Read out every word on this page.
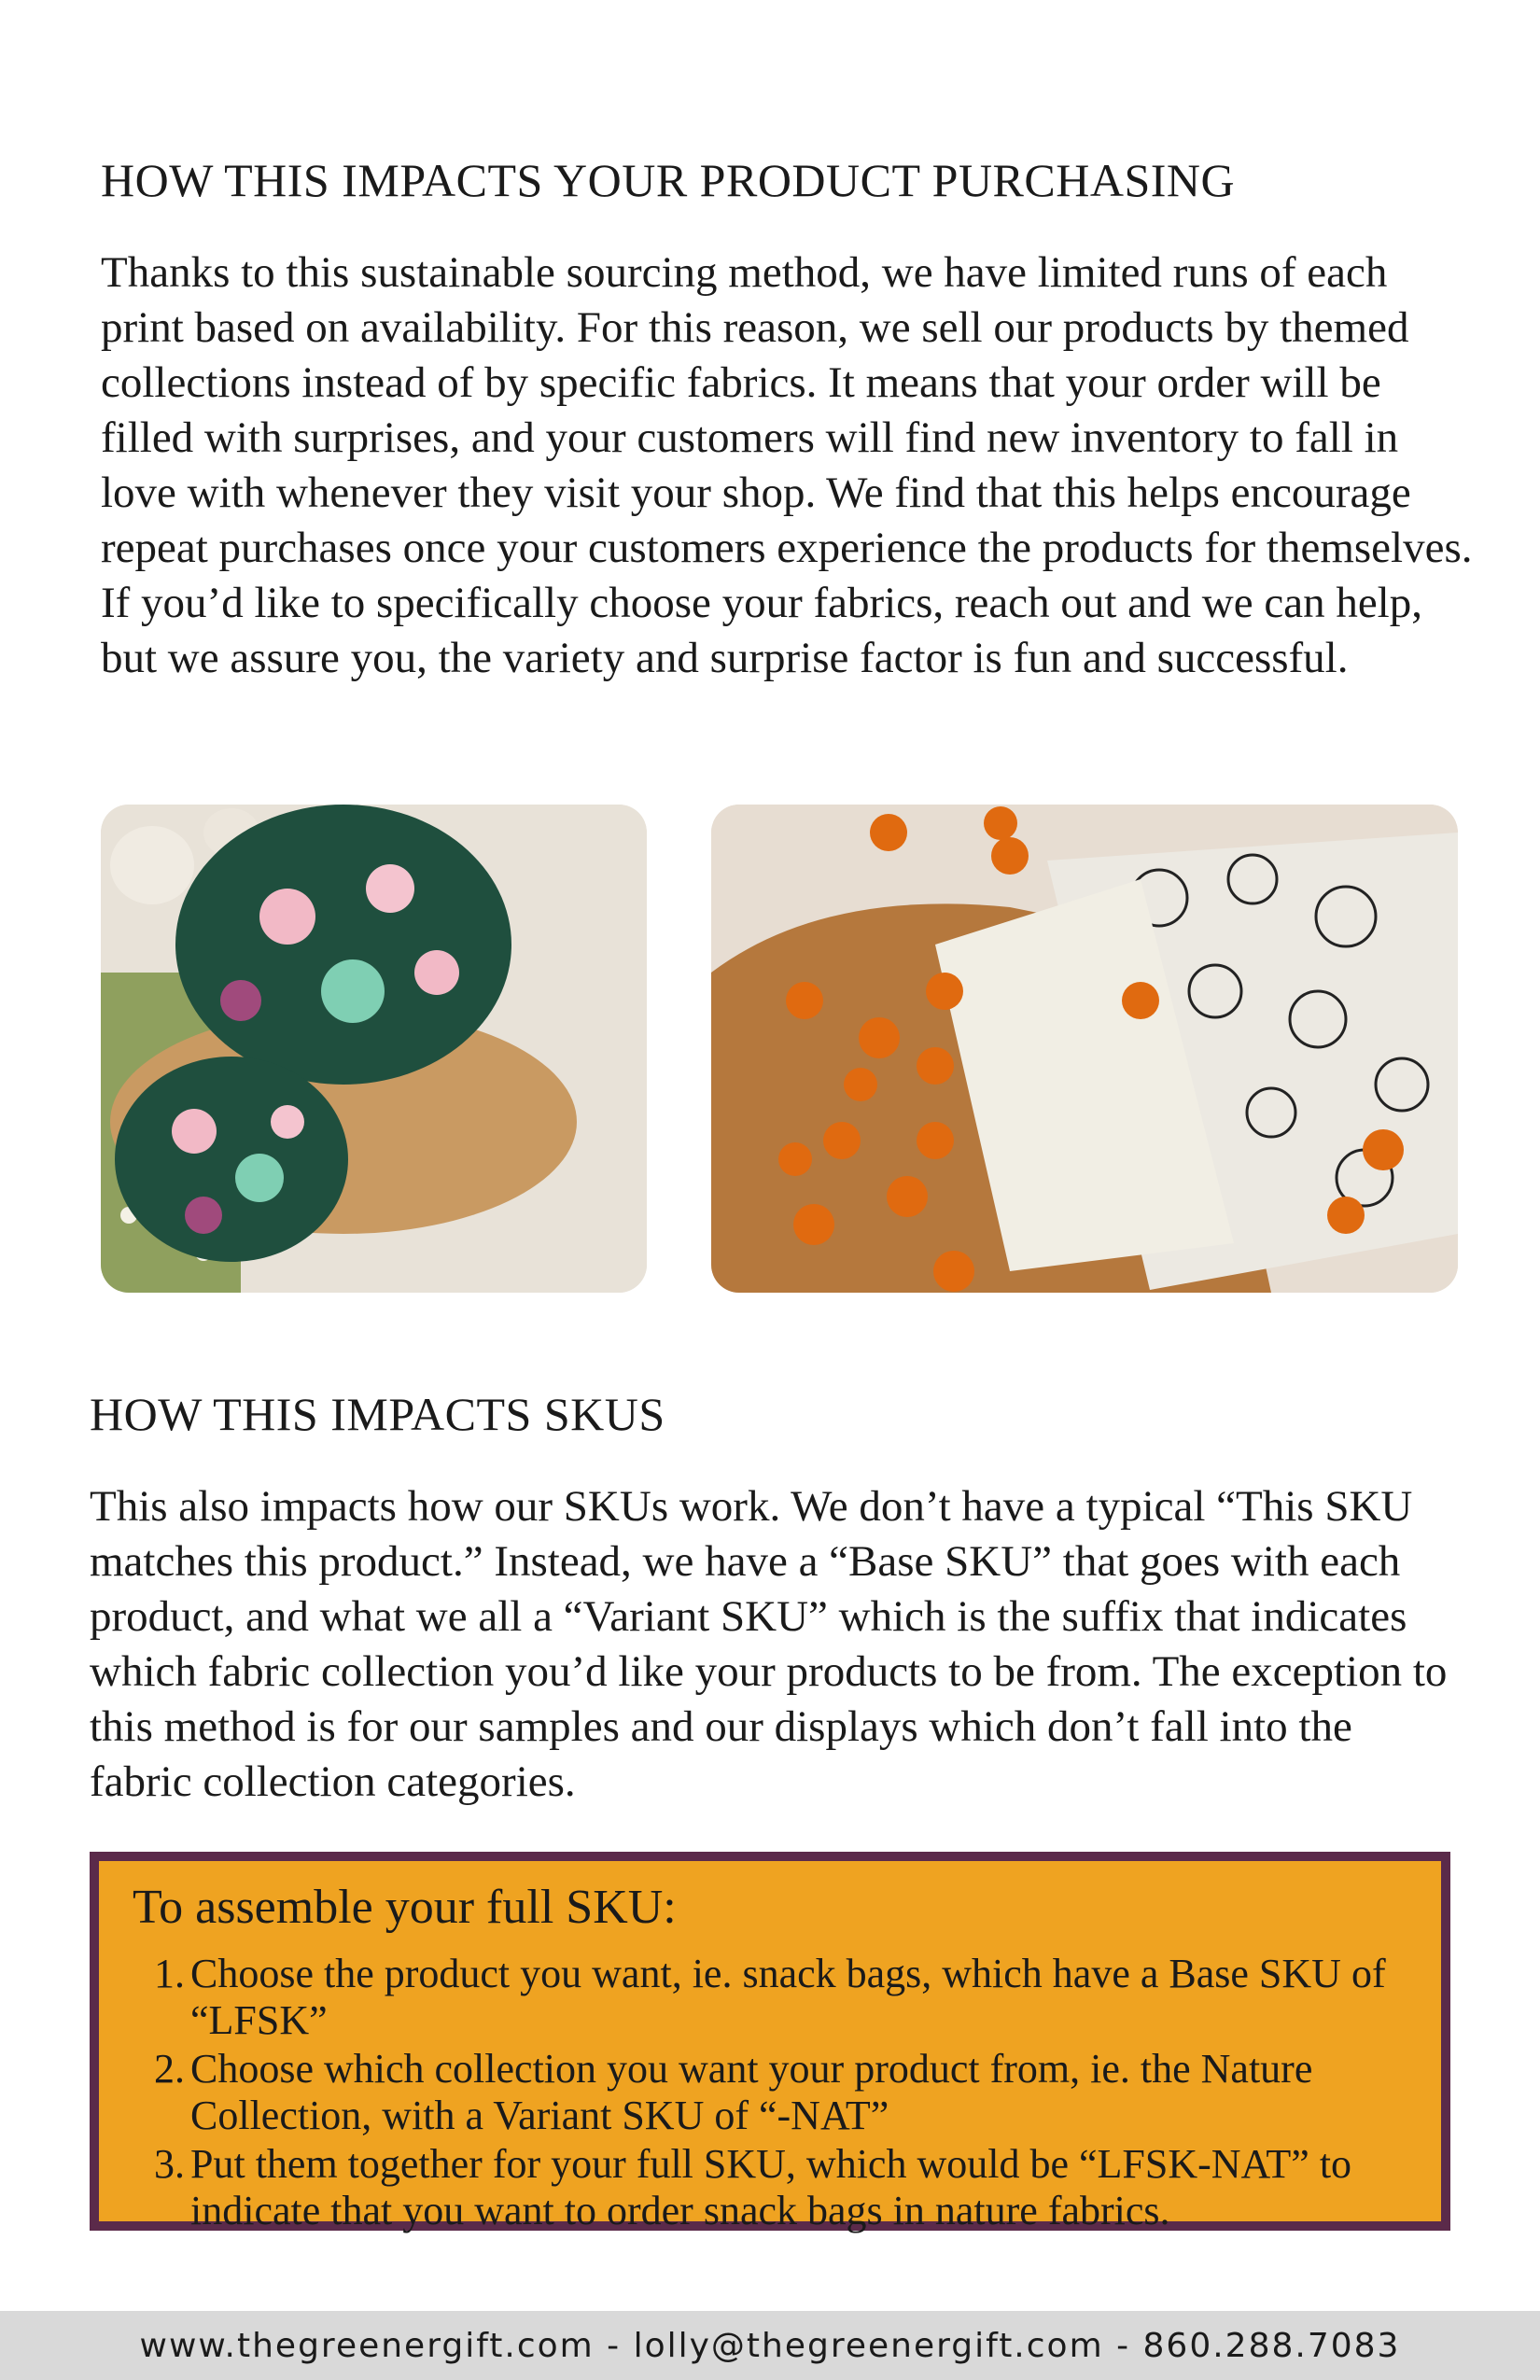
HOW THIS IMPACTS YOUR PRODUCT PURCHASING

Thanks to this sustainable sourcing method, we have limited runs of each print based on availability. For this reason, we sell our products by themed collections instead of by specific fabrics. It means that your order will be filled with surprises, and your customers will find new inventory to fall in love with whenever they visit your shop. We find that this helps encourage repeat purchases once your customers experience the products for themselves. If you’d like to specifically choose your fabrics, reach out and we can help, but we assure you, the variety and surprise factor is fun and successful.

HOW THIS IMPACTS SKUS

This also impacts how our SKUs work. We don’t have a typical “This SKU matches this product.” Instead, we have a “Base SKU” that goes with each product, and what we all a “Variant SKU” which is the suffix that indicates which fabric collection you’d like your products to be from. The exception to this method is for our samples and our displays which don’t fall into the fabric collection categories.

To assemble your full SKU:
1. Choose the product you want, ie. snack bags, which have a Base SKU of “LFSK”
2. Choose which collection you want your product from, ie. the Nature Collection, with a Variant SKU of “-NAT”
3. Put them together for your full SKU, which would be “LFSK-NAT” to indicate that you want to order snack bags in nature fabrics.
www.thegreenergift.com - lolly@thegreenergift.com - 860.288.7083
